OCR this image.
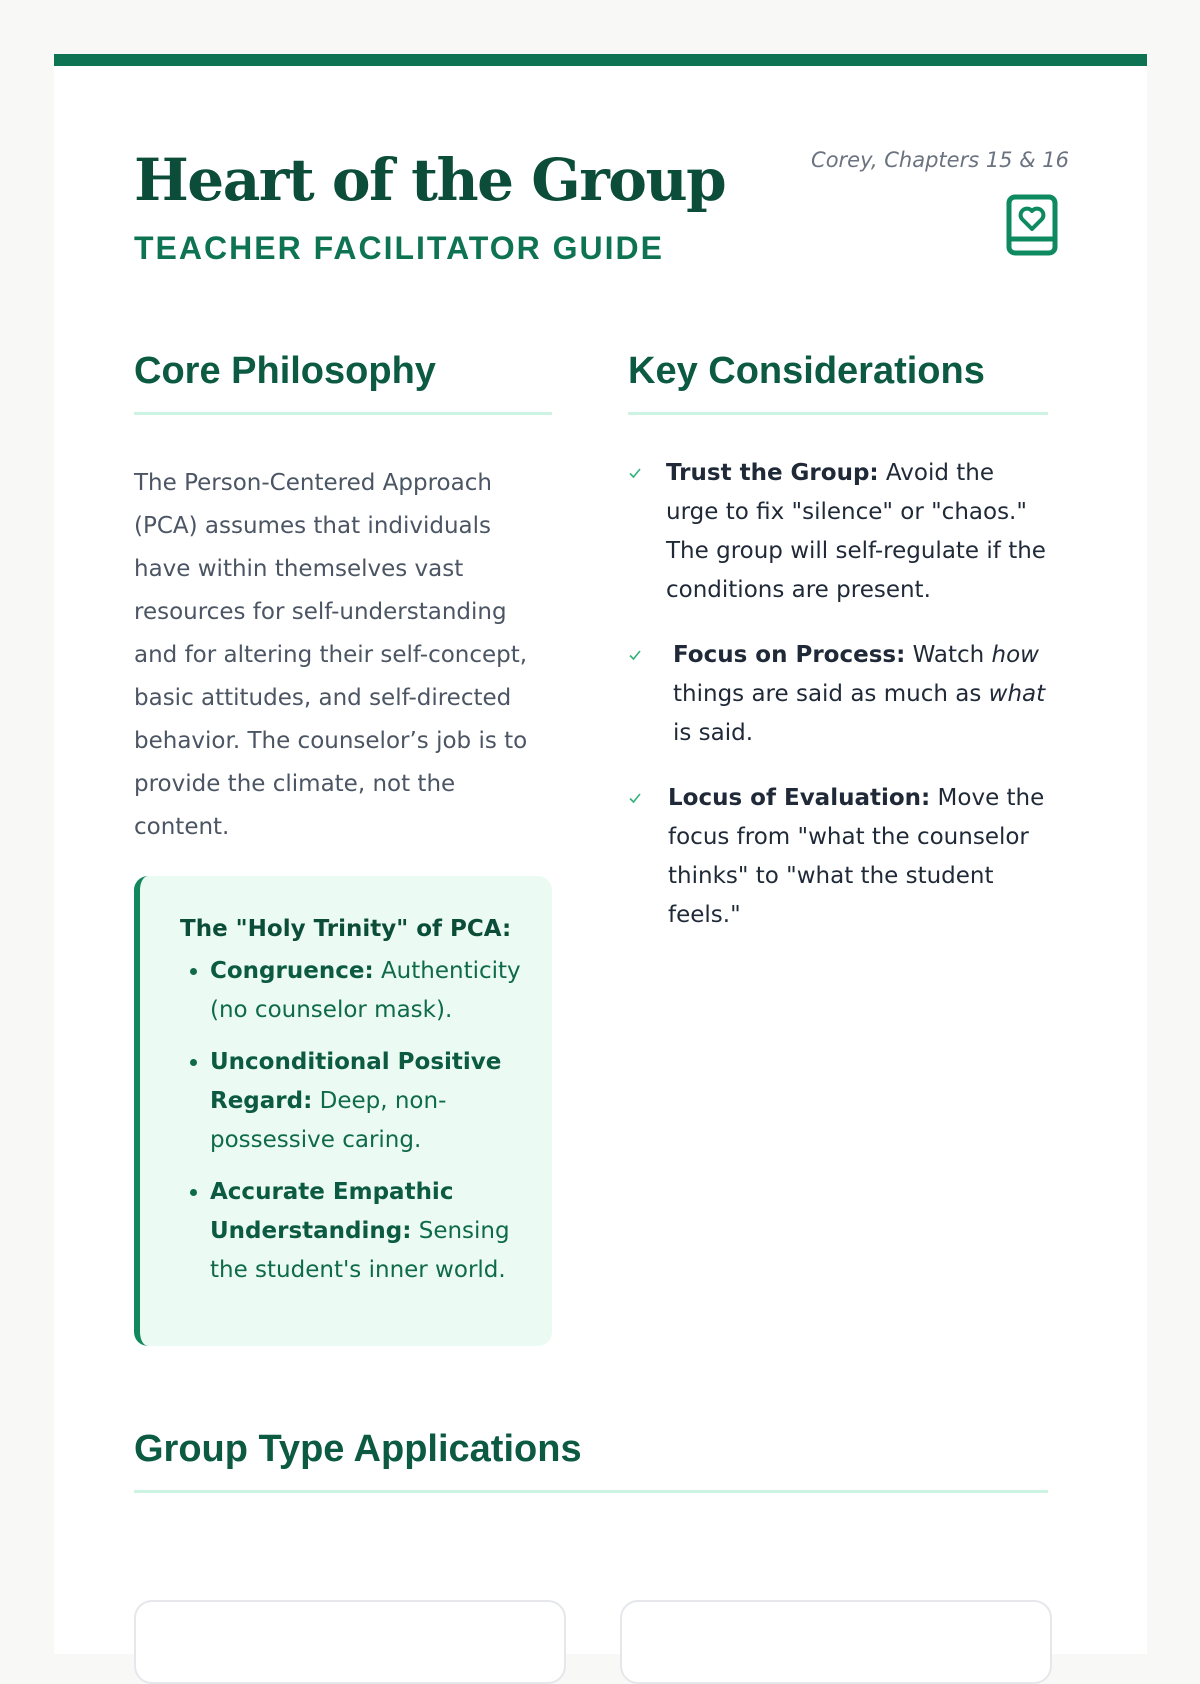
Heart of the Group
TEACHER FACILITATOR GUIDE
Corey, Chapters 15 & 16
Core Philosophy

The Person-Centered Approach (PCA) assumes that individuals have within themselves vast resources for self-understanding and for altering their self-concept, basic attitudes, and self-directed behavior. The counselor’s job is to provide the climate, not the content.

The "Holy Trinity" of PCA:

• Congruence: Authenticity (no counselor mask).
• Unconditional Positive Regard: Deep, non-possessive caring.
• Accurate Empathic Understanding: Sensing the student's inner world.
Key Considerations
Trust the Group: Avoid the urge to fix "silence" or "chaos." The group will self-regulate if the conditions are present.
Focus on Process: Watch how things are said as much as what is said.
Locus of Evaluation: Move the focus from "what the counselor thinks" to "what the student feels."
Group Type Applications
